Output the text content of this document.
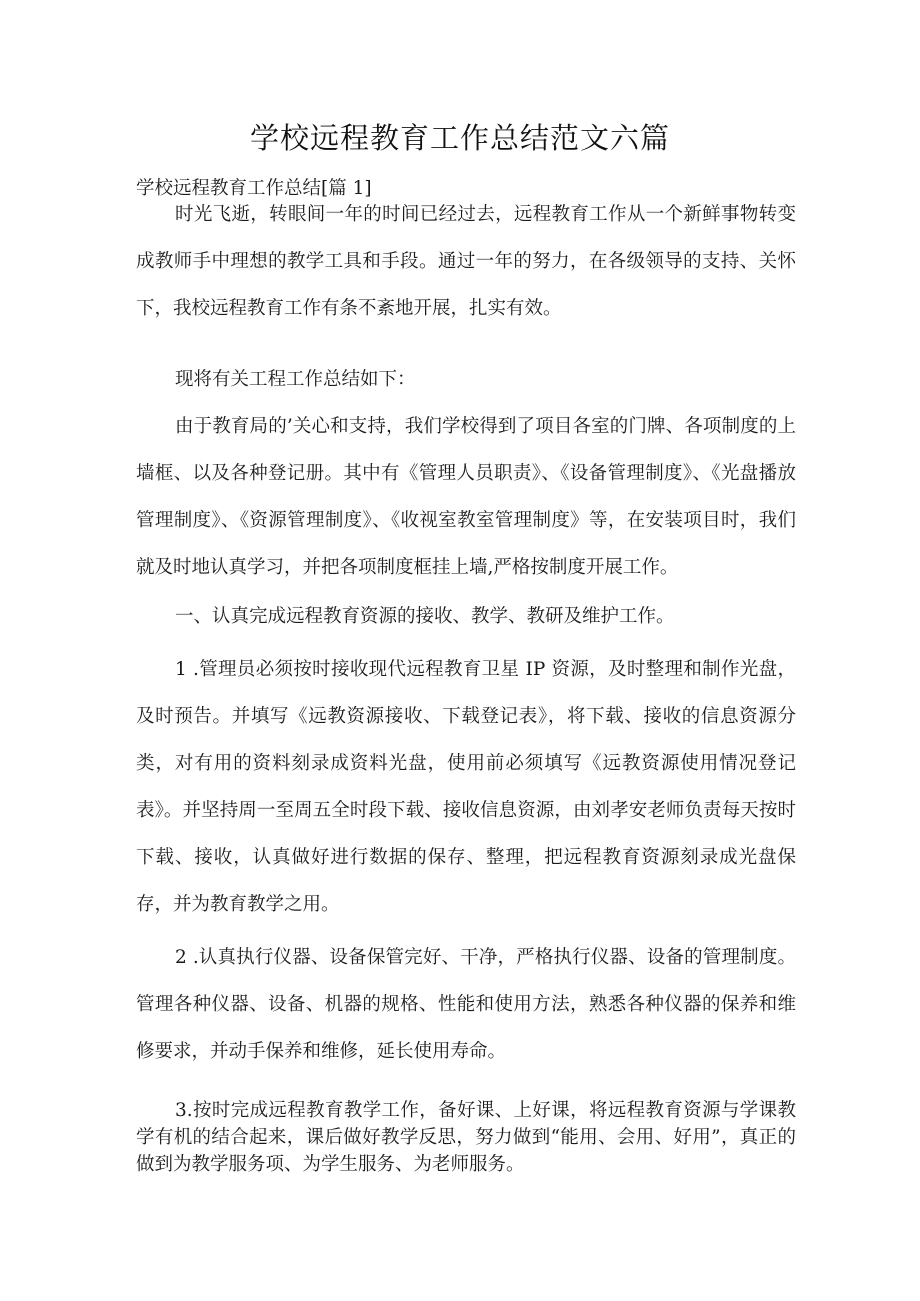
学校远程教育工作总结范文六篇
学校远程教育工作总结[篇 1]

时光飞逝，转眼间一年的时间已经过去，远程教育工作从一个新鲜事物转变成教师手中理想的教学工具和手段。通过一年的努力，在各级领导的支持、关怀下，我校远程教育工作有条不紊地开展，扎实有效。

现将有关工程工作总结如下：

由于教育局的’关心和支持，我们学校得到了项目各室的门牌、各项制度的上墙框、以及各种登记册。其中有《管理人员职责》、《设备管理制度》、《光盘播放管理制度》、《资源管理制度》、《收视室教室管理制度》等，在安装项目时，我们就及时地认真学习，并把各项制度框挂上墙,严格按制度开展工作。

一、认真完成远程教育资源的接收、教学、教研及维护工作。

1 .管理员必须按时接收现代远程教育卫星 IP 资源，及时整理和制作光盘，及时预告。并填写《远教资源接收、下载登记表》，将下载、接收的信息资源分类，对有用的资料刻录成资料光盘，使用前必须填写《远教资源使用情况登记表》。并坚持周一至周五全时段下载、接收信息资源，由刘孝安老师负责每天按时下载、接收，认真做好进行数据的保存、整理，把远程教育资源刻录成光盘保存，并为教育教学之用。

2 .认真执行仪器、设备保管完好、干净，严格执行仪器、设备的管理制度。管理各种仪器、设备、机器的规格、性能和使用方法，熟悉各种仪器的保养和维修要求，并动手保养和维修，延长使用寿命。

3.按时完成远程教育教学工作，备好课、上好课，将远程教育资源与学课教学有机的结合起来，课后做好教学反思，努力做到“能用、会用、好用”，真正的做到为教学服务项、为学生服务、为老师服务。
